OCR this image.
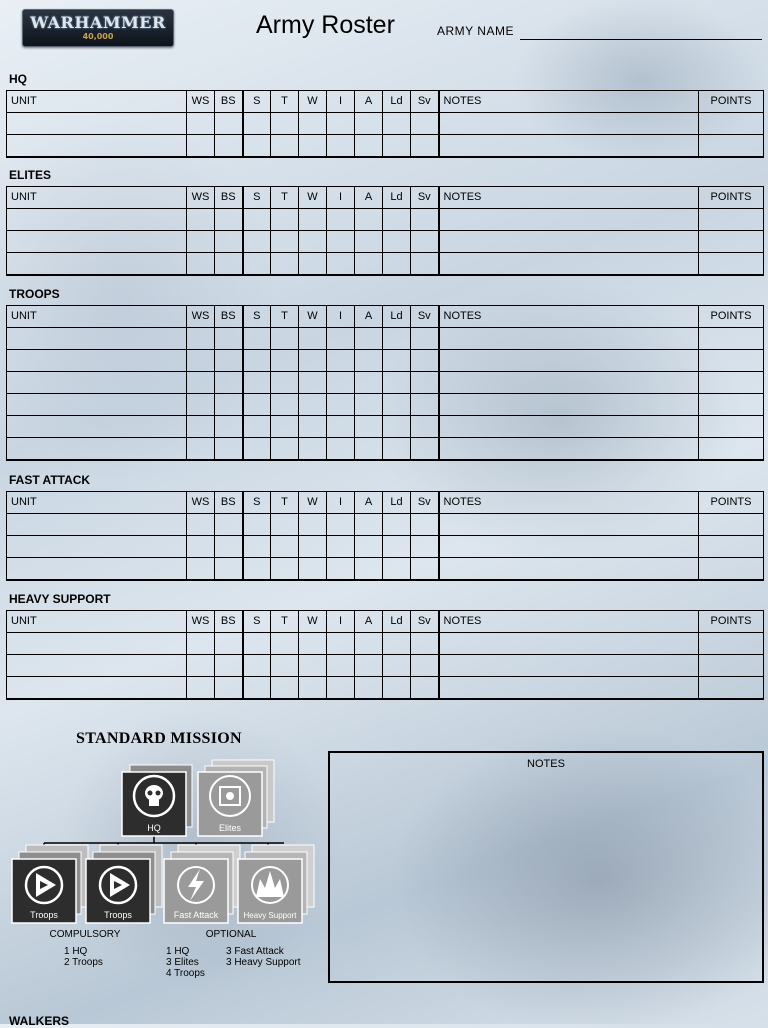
WARHAMMER
40,000	Army Roster	ARMY NAME
HQ
UNIT	WS	BS	S	T	W	I	A	Ld	Sv	NOTES	POINTS

ELITES
UNIT	WS	BS	S	T	W	I	A	Ld	Sv	NOTES	POINTS

TROOPS
UNIT	WS	BS	S	T	W	I	A	Ld	Sv	NOTES	POINTS

FAST ATTACK
UNIT	WS	BS	S	T	W	I	A	Ld	Sv	NOTES	POINTS

HEAVY SUPPORT
UNIT	WS	BS	S	T	W	I	A	Ld	Sv	NOTES	POINTS

STANDARD MISSION
HQ	Elites
Troops	Troops	Fast Attack	Heavy Support
COMPULSORY
1 HQ
2 Troops
OPTIONAL
1 HQ
3 Elites
4 Troops
3 Fast Attack
3 Heavy Support
NOTES
WALKERS
